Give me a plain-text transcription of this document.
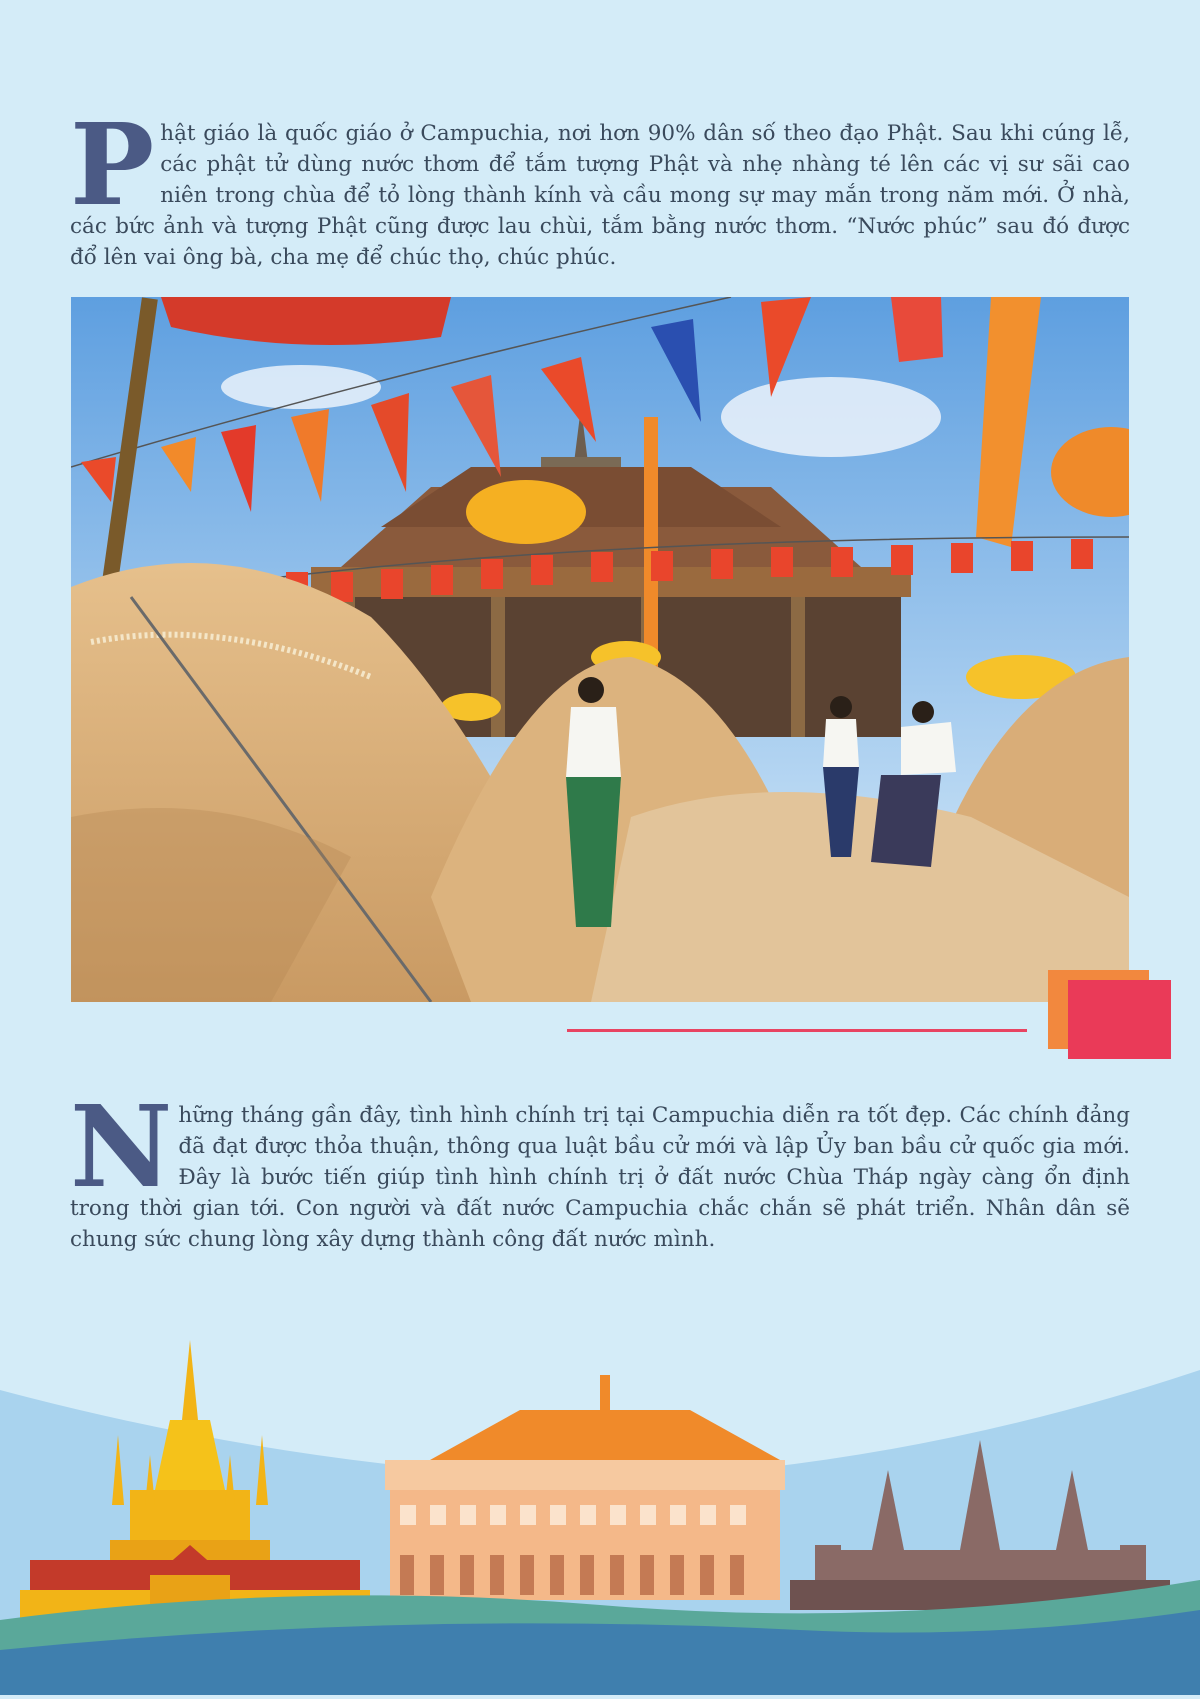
Phật giáo là quốc giáo ở Campuchia, nơi hơn 90% dân số theo đạo Phật. Sau khi cúng lễ, các phật tử dùng nước thơm để tắm tượng Phật và nhẹ nhàng té lên các vị sư sãi cao niên trong chùa để tỏ lòng thành kính và cầu mong sự may mắn trong năm mới. Ở nhà, các bức ảnh và tượng Phật cũng được lau chùi, tắm bằng nước thơm. “Nước phúc” sau đó được đổ lên vai ông bà, cha mẹ để chúc thọ, chúc phúc.

Những tháng gần đây, tình hình chính trị tại Campuchia diễn ra tốt đẹp. Các chính đảng đã đạt được thỏa thuận, thông qua luật bầu cử mới và lập Ủy ban bầu cử quốc gia mới. Đây là bước tiến giúp tình hình chính trị ở đất nước Chùa Tháp ngày càng ổn định trong thời gian tới. Con người và đất nước Campuchia chắc chắn sẽ phát triển. Nhân dân sẽ chung sức chung lòng xây dựng thành công đất nước mình.
